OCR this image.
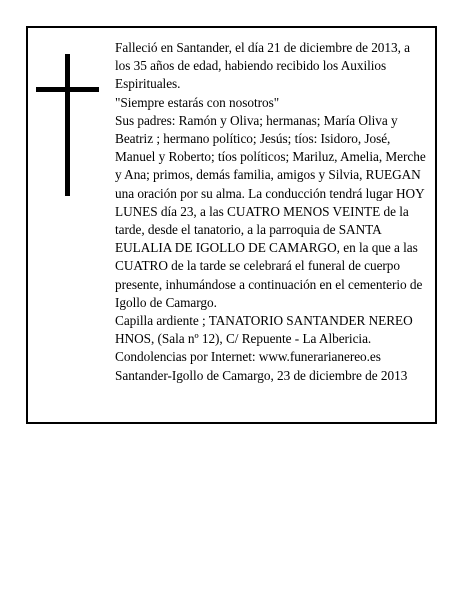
Falleció en Santander, el día 21 de diciembre de 2013, a los 35 años de edad, habiendo recibido los Auxilios Espirituales.

"Siempre estarás con nosotros"

Sus padres: Ramón y Oliva; hermanas; María Oliva y Beatriz ; hermano político; Jesús; tíos: Isidoro, José, Manuel y Roberto; tíos políticos; Mariluz, Amelia, Merche y Ana; primos, demás familia, amigos y Silvia, RUEGAN una oración por su alma. La conducción tendrá lugar HOY LUNES día 23, a las CUATRO MENOS VEINTE de la tarde, desde el tanatorio, a la parroquia de SANTA EULALIA DE IGOLLO DE CAMARGO, en la que a las CUATRO de la tarde se celebrará el funeral de cuerpo presente, inhumándose a continuación en el cementerio de Igollo de Camargo.

Capilla ardiente ; TANATORIO SANTANDER NEREO HNOS, (Sala nº 12), C/ Repuente - La Albericia.

Condolencias por Internet: www.funerarianereo.es

Santander-Igollo de Camargo, 23 de diciembre de 2013
